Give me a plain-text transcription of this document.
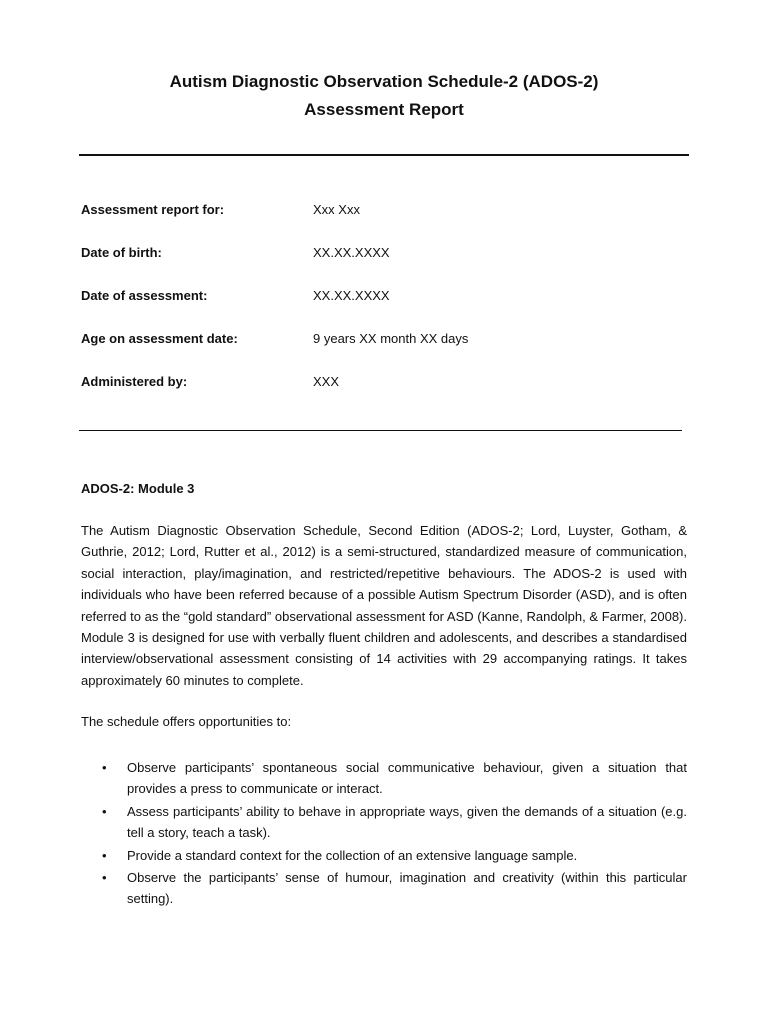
Autism Diagnostic Observation Schedule-2 (ADOS-2)
Assessment Report
Assessment report for:	Xxx Xxx
Date of birth:	XX.XX.XXXX
Date of assessment:	XX.XX.XXXX
Age on assessment date:	9 years XX month XX days
Administered by:	XXX
ADOS-2: Module 3

The Autism Diagnostic Observation Schedule, Second Edition (ADOS-2; Lord, Luyster, Gotham, & Guthrie, 2012; Lord, Rutter et al., 2012) is a semi-structured, standardized measure of communication, social interaction, play/imagination, and restricted/repetitive behaviours. The ADOS-2 is used with individuals who have been referred because of a possible Autism Spectrum Disorder (ASD), and is often referred to as the “gold standard” observational assessment for ASD (Kanne, Randolph, & Farmer, 2008). Module 3 is designed for use with verbally fluent children and adolescents, and describes a standardised interview/observational assessment consisting of 14 activities with 29 accompanying ratings. It takes approximately 60 minutes to complete.

The schedule offers opportunities to:
• Observe participants’ spontaneous social communicative behaviour, given a situation that provides a press to communicate or interact.
• Assess participants’ ability to behave in appropriate ways, given the demands of a situation (e.g. tell a story, teach a task).
• Provide a standard context for the collection of an extensive language sample.
• Observe the participants’ sense of humour, imagination and creativity (within this particular setting).
